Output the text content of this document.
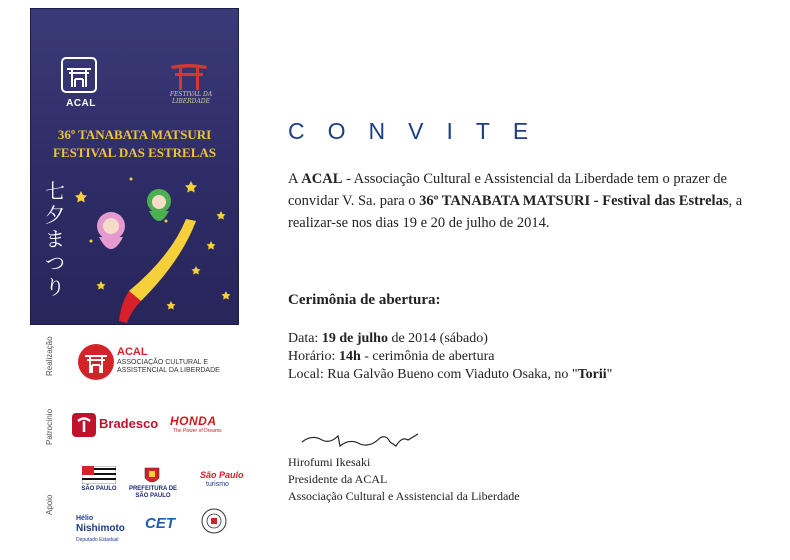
ACAL
FESTIVAL DA LIBERDADE
36º TANABATA MATSURI
FESTIVAL DAS ESTRELAS
七
夕
ま
つ
り
Realização	ACAL
ASSOCIAÇÃO CULTURAL E ASSISTENCIAL DA LIBERDADE
Patrocínio	Bradesco HONDA
The Power of Dreams
Apoio
SÃO PAULO	PREFEITURA DE
SÃO PAULO
São Paulo
turismo
Hélio
Nishimoto
Deputado Estadual
CET
CONVITE
A ACAL - Associação Cultural e Assistencial da Liberdade tem o prazer de convidar V. Sa. para o 36º TANABATA MATSURI - Festival das Estrelas, a realizar-se nos dias 19 e 20 de julho de 2014.
Cerimônia de abertura:
Data: 19 de julho de 2014 (sábado)
Horário: 14h - cerimônia de abertura
Local: Rua Galvão Bueno com Viaduto Osaka, no "Torii"
Hirofumi Ikesaki
Presidente da ACAL
Associação Cultural e Assistencial da Liberdade
